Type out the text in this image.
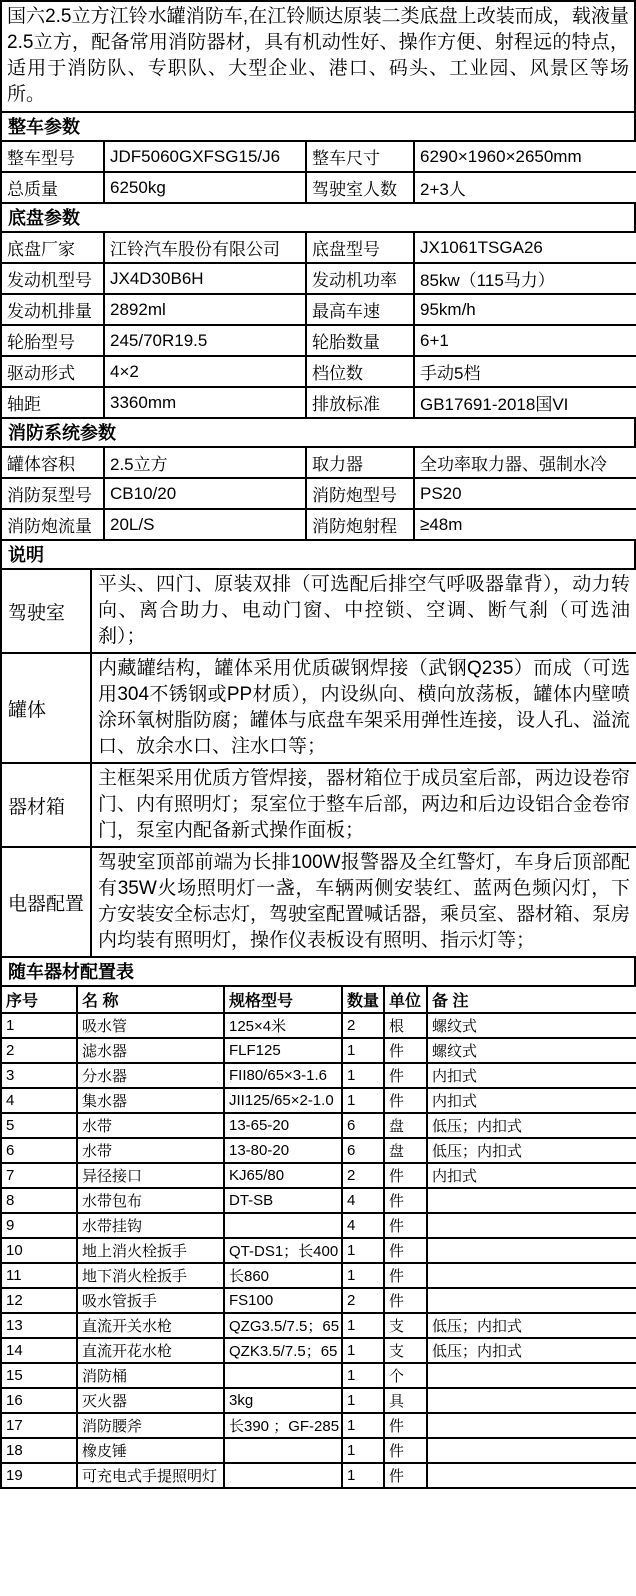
国六2.5立方江铃水罐消防车,在江铃顺达原装二类底盘上改装而成，载液量2.5立方，配备常用消防器材，具有机动性好、操作方便、射程远的特点，适用于消防队、专职队、大型企业、港口、码头、工业园、风景区等场所。
整车参数
整车型号	JDF5060GXFSG15/J6	整车尺寸	6290×1960×2650mm
总质量	6250kg	驾驶室人数	2+3人
底盘参数
底盘厂家	江铃汽车股份有限公司	底盘型号	JX1061TSGA26
发动机型号	JX4D30B6H	发动机功率	85kw（115马力）
发动机排量	2892ml	最高车速	95km/h
轮胎型号	245/70R19.5	轮胎数量	6+1
驱动形式	4×2	档位数	手动5档
轴距	3360mm	排放标准	GB17691-2018国VI
消防系统参数
罐体容积	2.5立方	取力器	全功率取力器、强制水冷
消防泵型号	CB10/20	消防炮型号	PS20
消防炮流量	20L/S	消防炮射程	≥48m
说明
驾驶室	平头、四门、原装双排（可选配后排空气呼吸器靠背），动力转向、离合助力、电动门窗、中控锁、空调、断气刹（可选油刹）；
罐体	内藏罐结构，罐体采用优质碳钢焊接（武钢Q235）而成（可选用304不锈钢或PP材质），内设纵向、横向放荡板，罐体内壁喷涂环氧树脂防腐；罐体与底盘车架采用弹性连接，设人孔、溢流口、放余水口、注水口等；
器材箱	主框架采用优质方管焊接，器材箱位于成员室后部，两边设卷帘门、内有照明灯；泵室位于整车后部，两边和后边设铝合金卷帘门，泵室内配备新式操作面板；
电器配置	驾驶室顶部前端为长排100W报警器及全红警灯，车身后顶部配有35W火场照明灯一盏，车辆两侧安装红、蓝两色频闪灯，下方安装安全标志灯，驾驶室配置喊话器，乘员室、器材箱、泵房内均装有照明灯，操作仪表板设有照明、指示灯等；
随车器材配置表
序号	名 称	规格型号	数量	单位	备 注
1	吸水管	125×4米	2	根	螺纹式
2	滤水器	FLF125	1	件	螺纹式
3	分水器	FII80/65×3-1.6	1	件	内扣式
4	集水器	JII125/65×2-1.0	1	件	内扣式
5	水带	13-65-20	6	盘	低压；内扣式
6	水带	13-80-20	6	盘	低压；内扣式
7	异径接口	KJ65/80	2	件	内扣式
8	水带包布	DT-SB	4	件	
9	水带挂钩		4	件	
10	地上消火栓扳手	QT-DS1；长400	1	件	
11	地下消火栓扳手	长860	1	件	
12	吸水管扳手	FS100	2	件	
13	直流开关水枪	QZG3.5/7.5；65	1	支	低压；内扣式
14	直流开花水枪	QZK3.5/7.5；65	1	支	低压；内扣式
15	消防桶		1	个	
16	灭火器	3kg	1	具	
17	消防腰斧	长390 ；GF-285	1	件	
18	橡皮锤		1	件	
19	可充电式手提照明灯		1	件	
